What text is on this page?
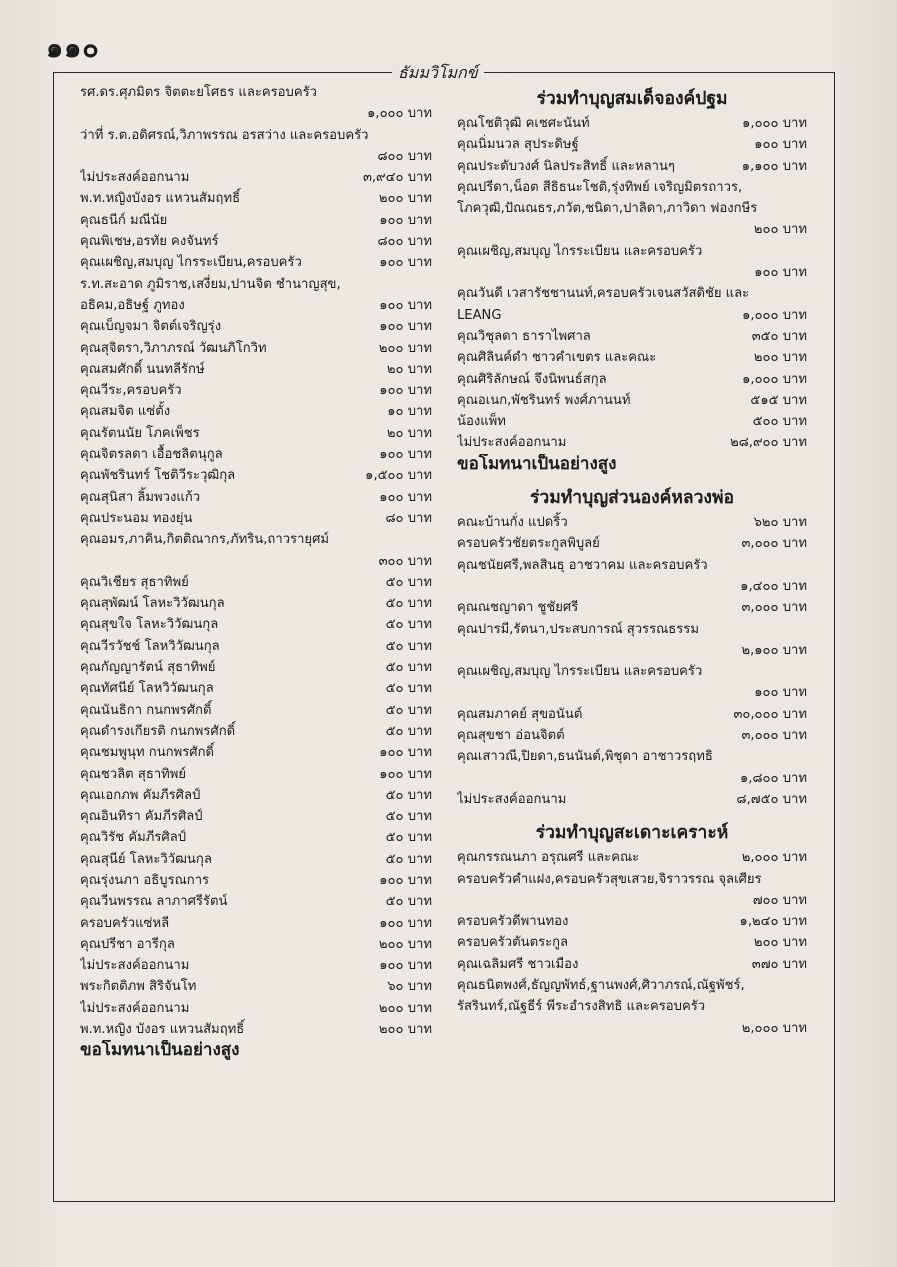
๑๑๐
ธัมมวิโมกข์
รศ.ดร.ศุภมิตร จิตตะยโศธร และครอบครัว
๑,๐๐๐ บาท
ว่าที่ ร.ต.อดิศรณ์,วิภาพรรณ อรสว่าง และครอบครัว
๘๐๐ บาท
ไม่ประสงค์ออกนาม	๓,๙๔๐ บาท
พ.ท.หญิงบังอร แหวนสัมฤทธิ์	๒๐๐ บาท
คุณธนีก์ มณีนัย	๑๐๐ บาท
คุณพิเชษ,อรทัย คงจันทร์	๘๐๐ บาท
คุณเผชิญ,สมบุญ ไกรระเบียน,ครอบครัว	๑๐๐ บาท
ร.ท.สะอาด ภูมิราช,เสงี่ยม,ปานจิต ชำนาญสุข,
อธิคม,อธิษฐ์ ภูทอง	๑๐๐ บาท
คุณเบ็ญจมา จิตต์เจริญรุ่ง	๑๐๐ บาท
คุณสุจิตรา,วิภาภรณ์ วัฒนภิโกวิท	๒๐๐ บาท
คุณสมศักดิ์ นนทลีรักษ์	๒๐ บาท
คุณวีระ,ครอบครัว	๑๐๐ บาท
คุณสมจิต แซ่ตั้ง	๑๐ บาท
คุณรัตนนัย โภคเพ็ชร	๒๐ บาท
คุณจิตรลดา เอื้อชลิตนุกูล	๑๐๐ บาท
คุณพัชรินทร์ โชติวีระวุฒิกุล	๑,๕๐๐ บาท
คุณสุนิสา ลิ้มพวงแก้ว	๑๐๐ บาท
คุณประนอม ทองยุ่น	๘๐ บาท
คุณอมร,ภาคิน,กิตติณากร,ภัทริน,ถาวรายุศม์
๓๐๐ บาท
คุณวิเชียร สุธาทิพย์	๕๐ บาท
คุณสุพัฒน์ โลหะวิวัฒนกุล	๕๐ บาท
คุณสุขใจ โลหะวิวัฒนกุล	๕๐ บาท
คุณวีรวัชช์ โลหวิวัฒนกุล	๕๐ บาท
คุณกัญญารัตน์ สุธาทิพย์	๕๐ บาท
คุณทัศนีย์ โลหวิวัฒนกุล	๕๐ บาท
คุณนันธิกา กนกพรศักดิ์	๕๐ บาท
คุณดำรงเกียรติ กนกพรศักดิ์	๕๐ บาท
คุณชมพูนุท กนกพรศักดิ์	๑๐๐ บาท
คุณชวลิต สุธาทิพย์	๑๐๐ บาท
คุณเอกภพ คัมภีรศิลป์	๕๐ บาท
คุณอินทิรา คัมภีรศิลป์	๕๐ บาท
คุณวิรัช คัมภีรศิลป์	๕๐ บาท
คุณสุนีย์ โลหะวิวัฒนกุล	๕๐ บาท
คุณรุ่งนภา อธิบูรณการ	๑๐๐ บาท
คุณวีนพรรณ ลาภาศรีรัตน์	๕๐ บาท
ครอบครัวแซ่หลี	๑๐๐ บาท
คุณปรีชา อารีกุล	๒๐๐ บาท
ไม่ประสงค์ออกนาม	๑๐๐ บาท
พระกิตติภพ สิริจันโท	๖๐ บาท
ไม่ประสงค์ออกนาม	๒๐๐ บาท
พ.ท.หญิง บังอร แหวนสัมฤทธิ์	๒๐๐ บาท
ขอโมทนาเป็นอย่างสูง
ร่วมทำบุญสมเด็จองค์ปฐม
คุณโชติวุฒิ คเชศะนันท์	๑,๐๐๐ บาท
คุณนิ่มนวล สุประดิษฐ์	๑๐๐ บาท
คุณประดับวงศ์ นิลประสิทธิ์ และหลานๆ	๑,๑๐๐ บาท
คุณปรีดา,น็อต สีธิธนะโชติ,รุ่งทิพย์ เจริญมิตรถาวร,
โภควุฒิ,ปัณณธร,ภวัต,ชนิดา,ปาลิดา,ภาวิดา ฟองกษีร
๒๐๐ บาท
คุณเผชิญ,สมบุญ ไกรระเบียน และครอบครัว
๑๐๐ บาท
คุณวันดี เวสารัชชานนท์,ครอบครัวเจนสวัสดิชัย และ
LEANG	๑,๐๐๐ บาท
คุณวิชุลดา ธาราไพศาล	๓๕๐ บาท
คุณศิลินค์ดำ ชาวคำเขตร และคณะ	๒๐๐ บาท
คุณศิริลักษณ์ จึงนิพนธ์สกุล	๑,๐๐๐ บาท
คุณอเนก,พัชรินทร์ พงศ์ภานนท์	๕๑๕ บาท
น้องแพ็ท	๕๐๐ บาท
ไม่ประสงค์ออกนาม	๒๘,๙๐๐ บาท
ขอโมทนาเป็นอย่างสูง
ร่วมทำบุญส่วนองค์หลวงพ่อ
คณะบ้านกั่ง แปดริ้ว	๖๒๐ บาท
ครอบครัวชัยตระกูลพิบูลย์	๓,๐๐๐ บาท
คุณชนัยศรี,พลสินธุ อาชวาคม และครอบครัว
๑,๔๐๐ บาท
คุณณชญาดา ชูชัยศรี	๓,๐๐๐ บาท
คุณปารมี,รัตนา,ประสบการณ์ สุวรรณธรรม
๒,๑๐๐ บาท
คุณเผชิญ,สมบุญ ไกรระเบียน และครอบครัว
๑๐๐ บาท
คุณสมภาคย์ สุขอนันต์	๓๐,๐๐๐ บาท
คุณสุขชา อ่อนจิตต์	๓,๐๐๐ บาท
คุณเสาวณี,ปิยดา,ธนนันต์,พิชุดา อาชาวรฤทธิ
๑,๘๐๐ บาท
ไม่ประสงค์ออกนาม	๘,๗๕๐ บาท
ร่วมทำบุญสะเดาะเคราะห์
คุณกรรณนภา อรุณศรี และคณะ	๒,๐๐๐ บาท
ครอบครัวคำแฝง,ครอบครัวสุขเสวย,จิราวรรณ จุลเศียร
๗๐๐ บาท
ครอบครัวดีพานทอง	๑,๒๔๐ บาท
ครอบครัวตันตระกูล	๒๐๐ บาท
คุณเฉลิมศรี ชาวเมือง	๓๗๐ บาท
คุณธนิตพงศ์,ธัญญพัทธ์,ฐานพงศ์,ศิวาภรณ์,ณัฐพัชร์,
รัสรินทร์,ณัฐธีร์ พีระอำรงสิทธิ และครอบครัว
๒,๐๐๐ บาท
